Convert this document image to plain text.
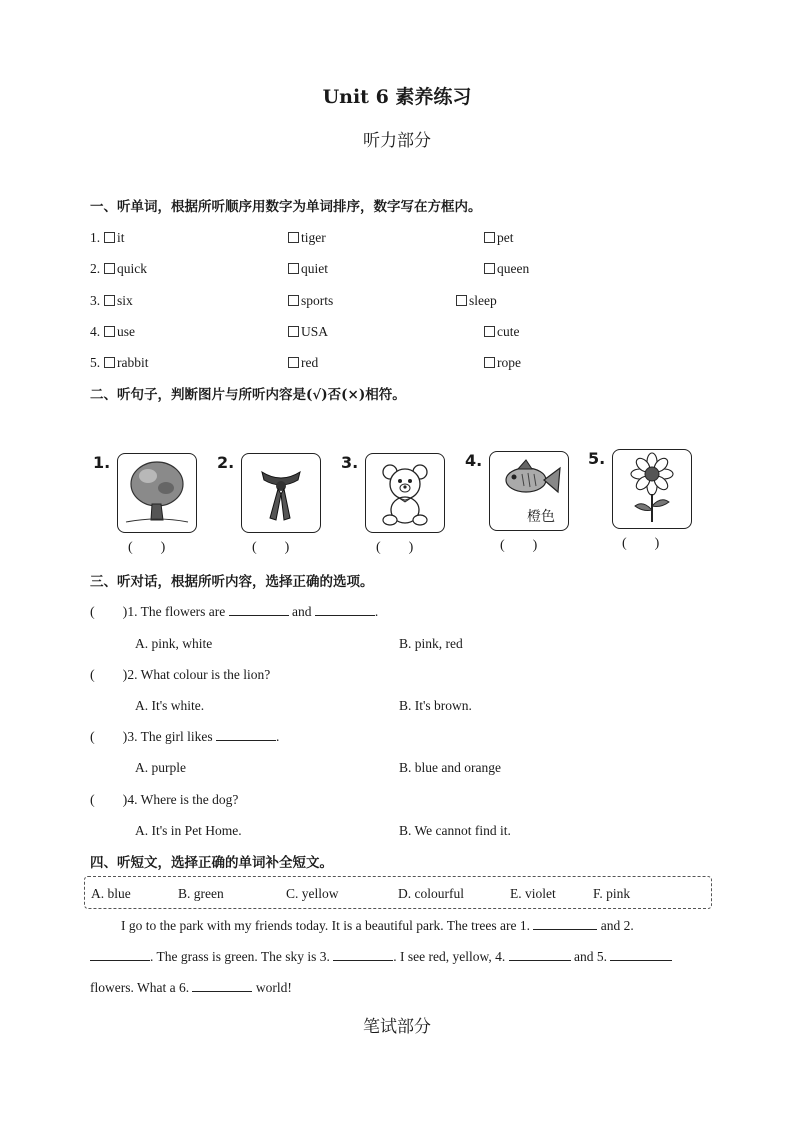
Unit 6 素养练习
听力部分
一、听单词，根据所听顺序用数字为单词排序，数字写在方框内。
1.	it	tiger	pet
2.	quick	quiet	queen
3.	six	sports	sleep
4.	use	USA	cute
5.	rabbit	red	rope
二、听句子，判断图片与所听内容是(√)否(×)相符。
1.
(        )
2.
(        )
3.
(        )
4.
橙色
(        )
5.
(        )
三、听对话，根据所听内容，选择正确的选项。
(        )1. The flowers are	and	.
A. pink, white	B. pink, red
(        )2. What colour is the lion?
A. It's white.	B. It's brown.
(        )3. The girl likes	.
A. purple	B. blue and orange
(        )4. Where is the dog?
A. It's in Pet Home.	B. We cannot find it.
四、听短文，选择正确的单词补全短文。
A. blue	B. green	C. yellow	D. colourful	E. violet	F. pink
I go to the park with my friends today. It is a beautiful park. The trees are 1.	and 2.
. The grass is green. The sky is 3.	. I see red, yellow, 4.	and 5.
flowers. What a 6.	world!
笔试部分
